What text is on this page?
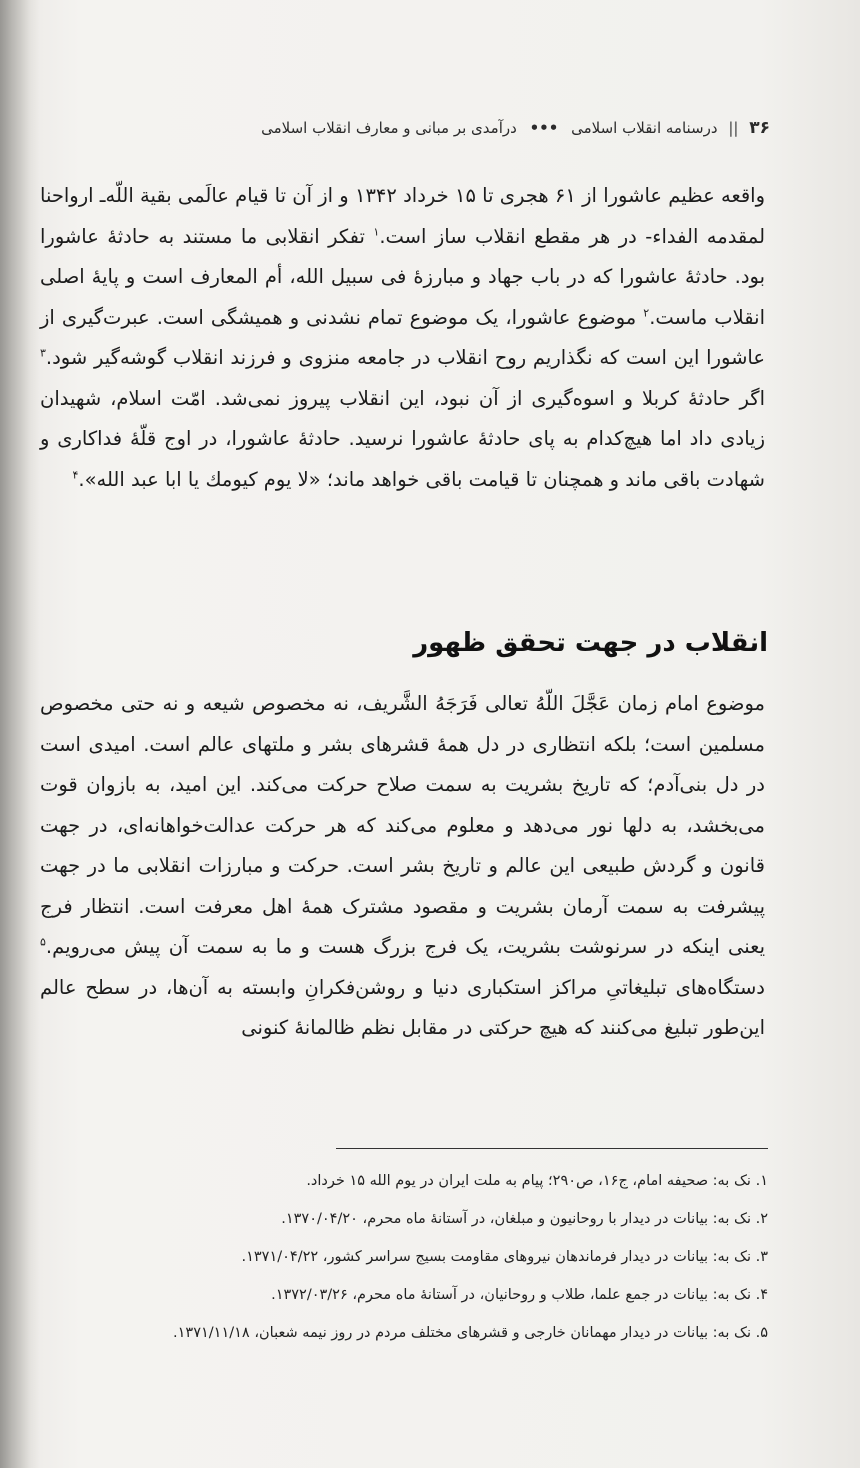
۳۶ || درسنامه انقلاب اسلامی ••• درآمدی بر مبانی و معارف انقلاب اسلامی

واقعه عظیم عاشورا از ۶۱ هجری تا ۱۵ خرداد ۱۳۴۲ و از آن تا قیام عالَمی بقیة اللّه‌ـ ارواحنا لمقدمه الفداء- در هر مقطع انقلاب ساز است.$^۱$ تفکر انقلابی ما مستند به حادثهٔ عاشورا بود. حادثهٔ عاشورا که در باب جهاد و مبارزهٔ فی سبیل الله، أم المعارف است و پایهٔ اصلی انقلاب ماست.$^۲$ موضوع عاشورا، یک موضوع تمام نشدنی و همیشگی است. عبرت‌گیری از عاشورا این است که نگذاریم روح انقلاب در جامعه منزوی و فرزند انقلاب گوشه‌گیر شود.$^۳$ اگر حادثهٔ کربلا و اسوه‌گیری از آن نبود، این انقلاب پیروز نمی‌شد. امّت اسلام، شهیدان زیادی داد اما هیچ‌کدام به پای حادثهٔ عاشورا نرسید. حادثهٔ عاشورا، در اوج قلّهٔ فداکاری و شهادت باقی ماند و همچنان تا قیامت باقی خواهد ماند؛ «لا یوم کیومك یا ابا عبد الله».$^۴$

انقلاب در جهت تحقق ظهور

موضوع امام زمان عَجَّلَ اللّهُ تعالی فَرَجَهُ الشَّریف، نه مخصوص شیعه و نه حتی مخصوص مسلمین است؛ بلکه انتظاری در دل همهٔ قشرهای بشر و ملتهای عالم است. امیدی است در دل بنی‌آدم؛ که تاریخ بشریت به سمت صلاح حرکت می‌کند. این امید، به بازوان قوت می‌بخشد، به دلها نور می‌دهد و معلوم می‌کند که هر حرکت عدالت‌خواهانه‌ای، در جهت قانون و گردش طبیعی این عالم و تاریخ بشر است. حرکت و مبارزات انقلابی ما در جهت پیشرفت به سمت آرمان بشریت و مقصود مشترک همهٔ اهل معرفت است. انتظار فرج یعنی اینکه در سرنوشت بشریت، یک فرج بزرگ هست و ما به سمت آن پیش می‌رویم.$^۵$ دستگاه‌های تبلیغاتیِ مراکز استکباری دنیا و روشن‌فکرانِ وابسته به آن‌ها، در سطح عالم این‌طور تبلیغ می‌کنند که هیچ حرکتی در مقابل نظم ظالمانهٔ کنونی

۱. نک به: صحیفه امام، ج۱۶، ص۲۹۰؛ پیام به ملت ایران در یوم الله ۱۵ خرداد.
۲. نک به: بیانات در دیدار با روحانیون و مبلغان، در آستانهٔ ماه محرم، ۱۳۷۰/۰۴/۲۰.
۳. نک به: بیانات در دیدار فرماندهان نیروهای مقاومت بسیج سراسر کشور، ۱۳۷۱/۰۴/۲۲.
۴. نک به: بیانات در جمع علما، طلاب و روحانیان، در آستانهٔ ماه محرم، ۱۳۷۲/۰۳/۲۶.
۵. نک به: بیانات در دیدار مهمانان خارجی و قشرهای مختلف مردم در روز نیمه شعبان، ۱۳۷۱/۱۱/۱۸.
